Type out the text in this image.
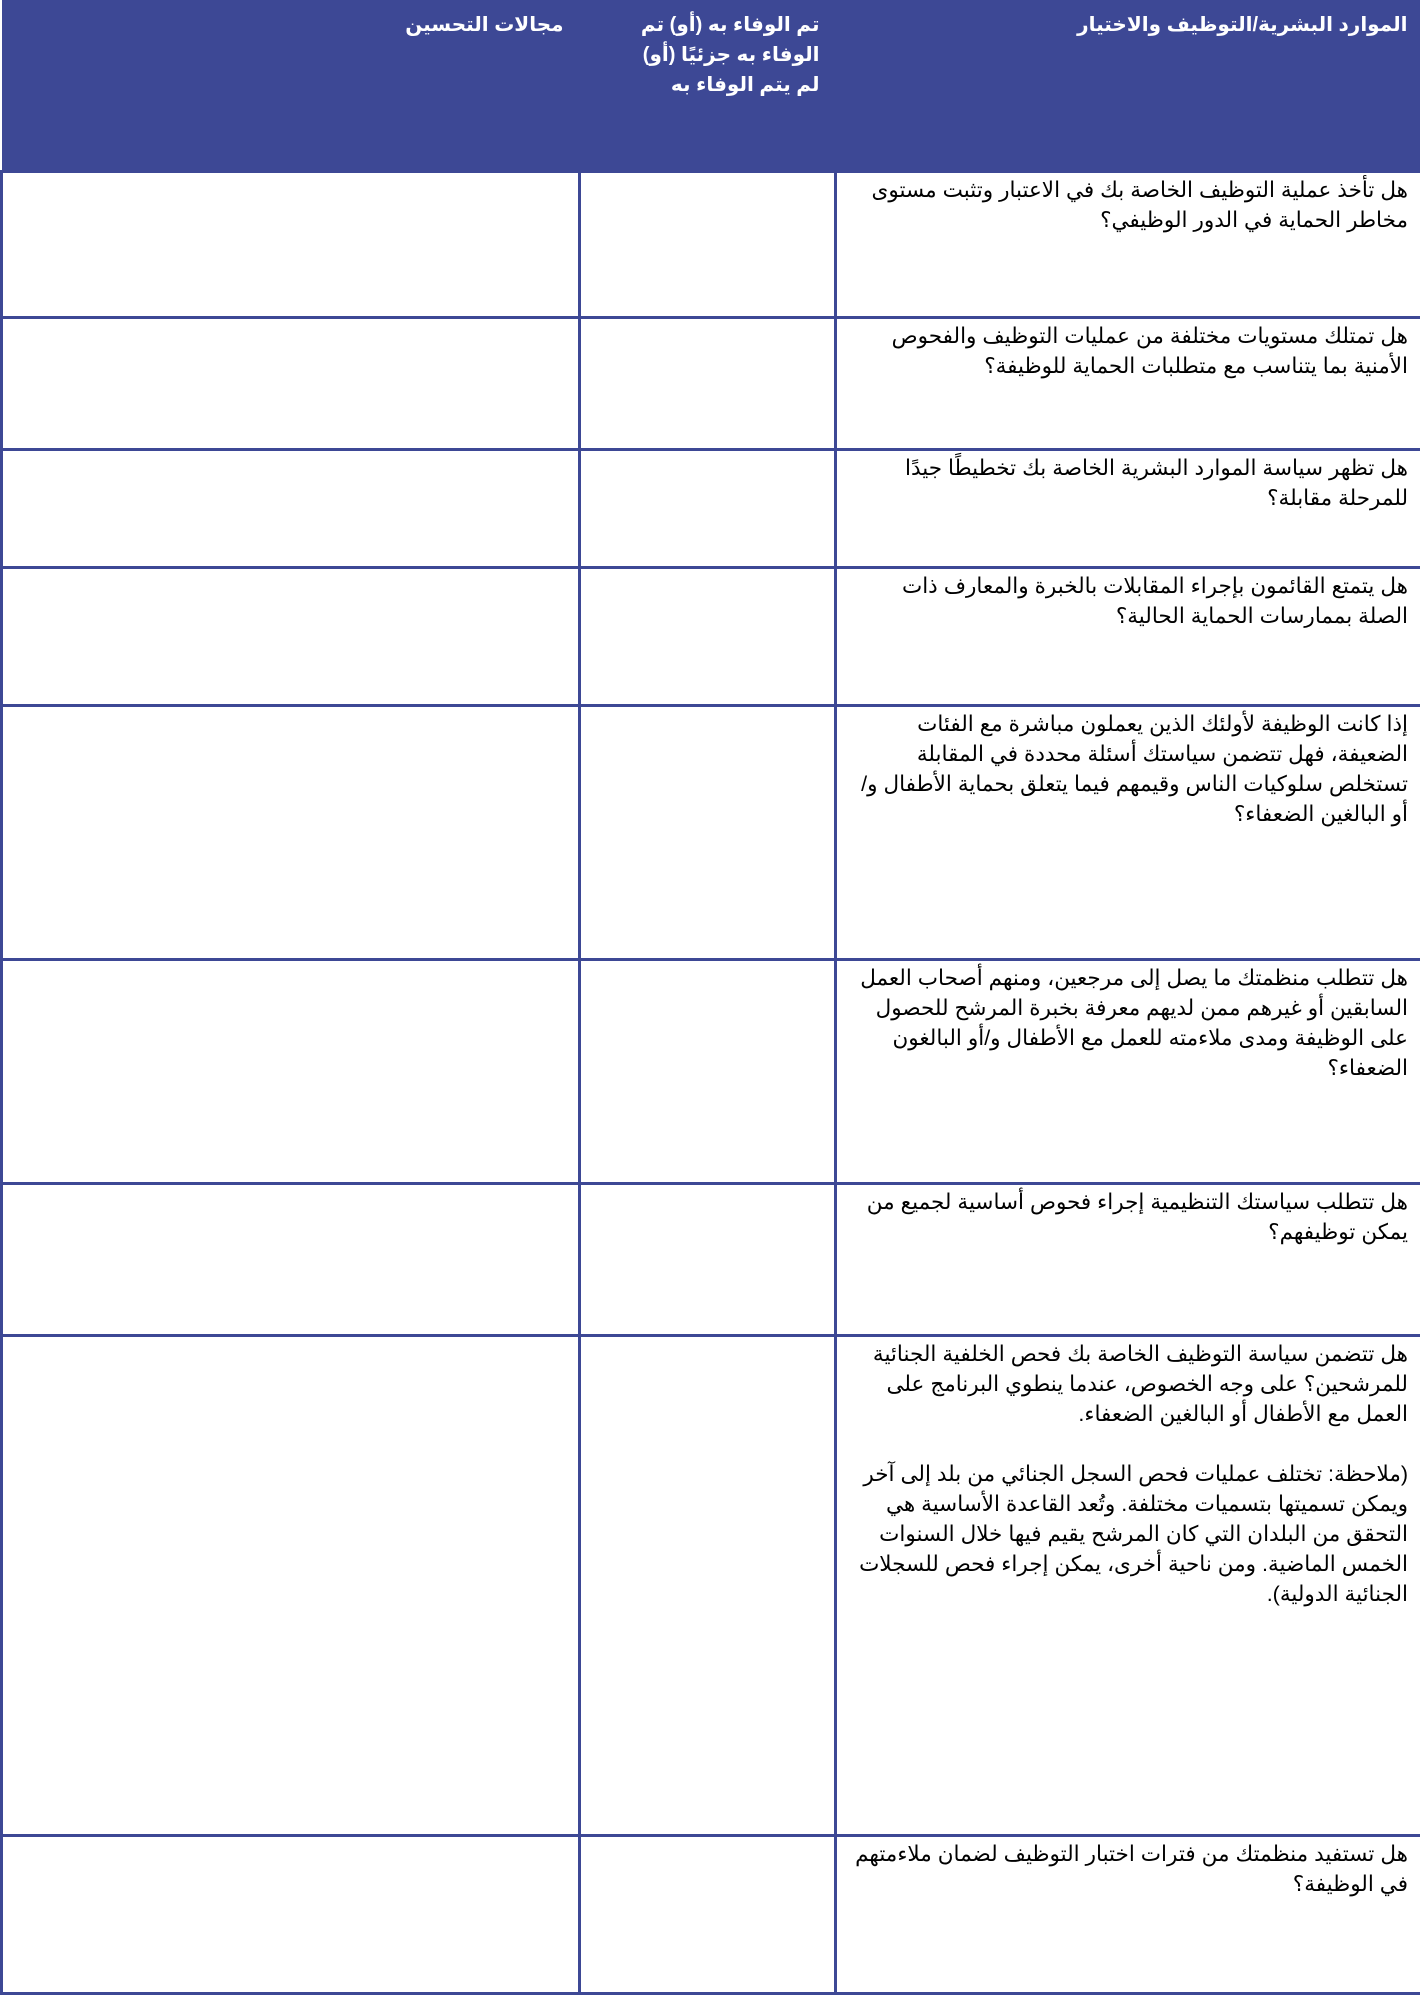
الموارد البشرية/التوظيف والاختيار	تم الوفاء به (أو) تم الوفاء به جزئيًا (أو) لم يتم الوفاء به	مجالات التحسين

هل تأخذ عملية التوظيف الخاصة بك في الاعتبار وتثبت مستوى مخاطر الحماية في الدور الوظيفي؟		

هل تمتلك مستويات مختلفة من عمليات التوظيف والفحوص الأمنية بما يتناسب مع متطلبات الحماية للوظيفة؟		

هل تظهر سياسة الموارد البشرية الخاصة بك تخطيطًا جيدًا للمرحلة مقابلة؟		

هل يتمتع القائمون بإجراء المقابلات بالخبرة والمعارف ذات الصلة بممارسات الحماية الحالية؟		

إذا كانت الوظيفة لأولئك الذين يعملون مباشرة مع الفئات الضعيفة، فهل تتضمن سياستك أسئلة محددة في المقابلة تستخلص سلوكيات الناس وقيمهم فيما يتعلق بحماية الأطفال و/أو البالغين الضعفاء؟		

هل تتطلب منظمتك ما يصل إلى مرجعين، ومنهم أصحاب العمل السابقين أو غيرهم ممن لديهم معرفة بخبرة المرشح للحصول على الوظيفة ومدى ملاءمته للعمل مع الأطفال و/أو البالغون الضعفاء؟		

هل تتطلب سياستك التنظيمية إجراء فحوص أساسية لجميع من يمكن توظيفهم؟		

هل تتضمن سياسة التوظيف الخاصة بك فحص الخلفية الجنائية للمرشحين؟ على وجه الخصوص، عندما ينطوي البرنامج على العمل مع الأطفال أو البالغين الضعفاء.
(ملاحظة: تختلف عمليات فحص السجل الجنائي من بلد إلى آخر ويمكن تسميتها بتسميات مختلفة. وتُعد القاعدة الأساسية هي التحقق من البلدان التي كان المرشح يقيم فيها خلال السنوات الخمس الماضية. ومن ناحية أخرى، يمكن إجراء فحص للسجلات الجنائية الدولية).		

هل تستفيد منظمتك من فترات اختبار التوظيف لضمان ملاءمتهم في الوظيفة؟		
